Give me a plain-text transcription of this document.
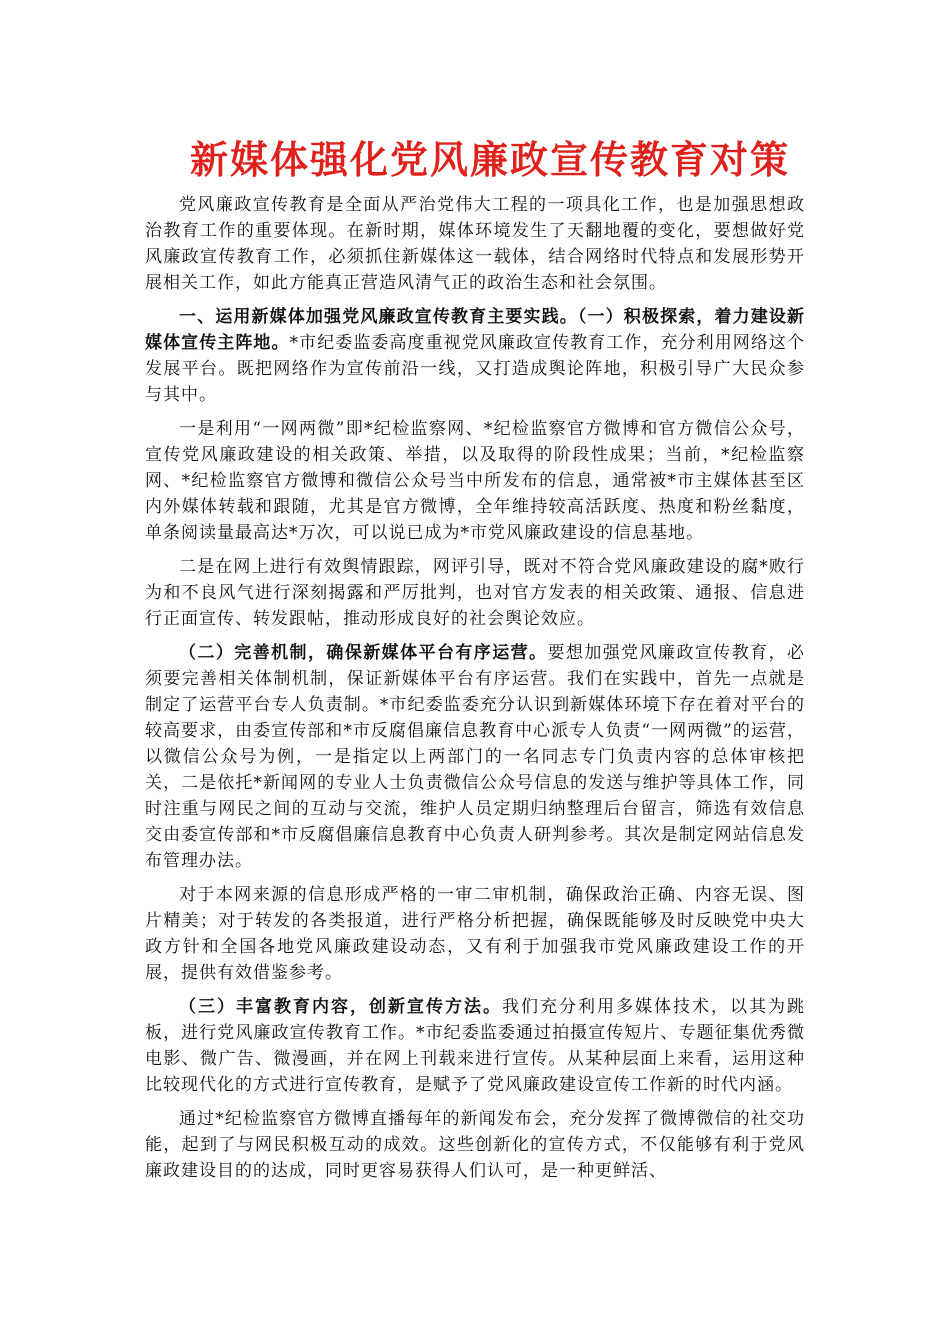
新媒体强化党风廉政宣传教育对策

党风廉政宣传教育是全面从严治党伟大工程的一项具化工作，也是加强思想政治教育工作的重要体现。在新时期，媒体环境发生了天翻地覆的变化，要想做好党风廉政宣传教育工作，必须抓住新媒体这一载体，结合网络时代特点和发展形势开展相关工作，如此方能真正营造风清气正的政治生态和社会氛围。

一、运用新媒体加强党风廉政宣传教育主要实践。（一）积极探索，着力建设新媒体宣传主阵地。*市纪委监委高度重视党风廉政宣传教育工作，充分利用网络这个发展平台。既把网络作为宣传前沿一线，又打造成舆论阵地，积极引导广大民众参与其中。

一是利用“一网两微”即*纪检监察网、*纪检监察官方微博和官方微信公众号，宣传党风廉政建设的相关政策、举措，以及取得的阶段性成果；当前，*纪检监察网、*纪检监察官方微博和微信公众号当中所发布的信息，通常被*市主媒体甚至区内外媒体转载和跟随，尤其是官方微博，全年维持较高活跃度、热度和粉丝黏度，单条阅读量最高达*万次，可以说已成为*市党风廉政建设的信息基地。

二是在网上进行有效舆情跟踪，网评引导，既对不符合党风廉政建设的腐*败行为和不良风气进行深刻揭露和严厉批判，也对官方发表的相关政策、通报、信息进行正面宣传、转发跟帖，推动形成良好的社会舆论效应。

（二）完善机制，确保新媒体平台有序运营。要想加强党风廉政宣传教育，必须要完善相关体制机制，保证新媒体平台有序运营。我们在实践中，首先一点就是制定了运营平台专人负责制。*市纪委监委充分认识到新媒体环境下存在着对平台的较高要求，由委宣传部和*市反腐倡廉信息教育中心派专人负责“一网两微”的运营，以微信公众号为例，一是指定以上两部门的一名同志专门负责内容的总体审核把关，二是依托*新闻网的专业人士负责微信公众号信息的发送与维护等具体工作，同时注重与网民之间的互动与交流，维护人员定期归纳整理后台留言，筛选有效信息交由委宣传部和*市反腐倡廉信息教育中心负责人研判参考。其次是制定网站信息发布管理办法。

对于本网来源的信息形成严格的一审二审机制，确保政治正确、内容无误、图片精美；对于转发的各类报道，进行严格分析把握，确保既能够及时反映党中央大政方针和全国各地党风廉政建设动态，又有利于加强我市党风廉政建设工作的开展，提供有效借鉴参考。

（三）丰富教育内容，创新宣传方法。我们充分利用多媒体技术，以其为跳板，进行党风廉政宣传教育工作。*市纪委监委通过拍摄宣传短片、专题征集优秀微电影、微广告、微漫画，并在网上刊载来进行宣传。从某种层面上来看，运用这种比较现代化的方式进行宣传教育，是赋予了党风廉政建设宣传工作新的时代内涵。

通过*纪检监察官方微博直播每年的新闻发布会，充分发挥了微博微信的社交功能，起到了与网民积极互动的成效。这些创新化的宣传方式，不仅能够有利于党风廉政建设目的的达成，同时更容易获得人们认可，是一种更鲜活、
